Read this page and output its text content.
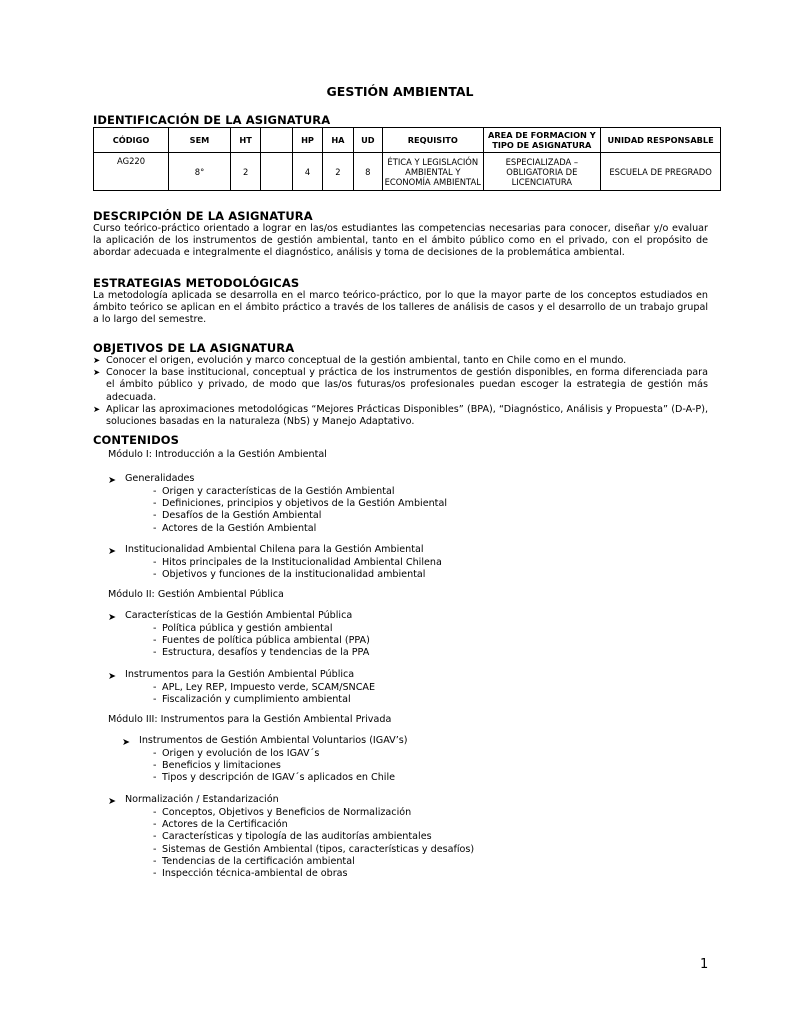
GESTIÓN AMBIENTAL
IDENTIFICACIÓN DE LA ASIGNATURA
CÓDIGO	SEM	HT		HP	HA	UD	REQUISITO	AREA DE FORMACION Y TIPO DE ASIGNATURA	UNIDAD RESPONSABLE
AG220	8°	2		4	2	8	ÉTICA Y LEGISLACIÓN AMBIENTAL Y ECONOMÍA AMBIENTAL	ESPECIALIZADA – OBLIGATORIA DE LICENCIATURA	ESCUELA DE PREGRADO
DESCRIPCIÓN DE LA ASIGNATURA
Curso teórico-práctico orientado a lograr en las/os estudiantes las competencias necesarias para conocer, diseñar y/o evaluar la aplicación de los instrumentos de gestión ambiental, tanto en el ámbito público como en el privado, con el propósito de abordar adecuada e integralmente el diagnóstico, análisis y toma de decisiones de la problemática ambiental.
ESTRATEGIAS METODOLÓGICAS
La metodología aplicada se desarrolla en el marco teórico-práctico, por lo que la mayor parte de los conceptos estudiados en ámbito teórico se aplican en el ámbito práctico a través de los talleres de análisis de casos y el desarrollo de un trabajo grupal a lo largo del semestre.
OBJETIVOS DE LA ASIGNATURA
➤ Conocer el origen, evolución y marco conceptual de la gestión ambiental, tanto en Chile como en el mundo.
➤ Conocer la base institucional, conceptual y práctica de los instrumentos de gestión disponibles, en forma diferenciada para el ámbito público y privado, de modo que las/os futuras/os profesionales puedan escoger la estrategia de gestión más adecuada.
➤ Aplicar las aproximaciones metodológicas “Mejores Prácticas Disponibles” (BPA), “Diagnóstico, Análisis y Propuesta” (D-A-P), soluciones basadas en la naturaleza (NbS) y Manejo Adaptativo.
CONTENIDOS
Módulo I: Introducción a la Gestión Ambiental
➤ Generalidades
- Origen y características de la Gestión Ambiental
- Definiciones, principios y objetivos de la Gestión Ambiental
- Desafíos de la Gestión Ambiental
- Actores de la Gestión Ambiental
➤ Institucionalidad Ambiental Chilena para la Gestión Ambiental
- Hitos principales de la Institucionalidad Ambiental Chilena
- Objetivos y funciones de la institucionalidad ambiental
Módulo II: Gestión Ambiental Pública
➤ Características de la Gestión Ambiental Pública
- Política pública y gestión ambiental
- Fuentes de política pública ambiental (PPA)
- Estructura, desafíos y tendencias de la PPA
➤ Instrumentos para la Gestión Ambiental Pública
- APL, Ley REP, Impuesto verde, SCAM/SNCAE
- Fiscalización y cumplimiento ambiental
Módulo III: Instrumentos para la Gestión Ambiental Privada
➤ Instrumentos de Gestión Ambiental Voluntarios (IGAV’s)
- Origen y evolución de los IGAV´s
- Beneficios y limitaciones
- Tipos y descripción de IGAV´s aplicados en Chile
➤ Normalización / Estandarización
- Conceptos, Objetivos y Beneficios de Normalización
- Actores de la Certificación
- Características y tipología de las auditorías ambientales
- Sistemas de Gestión Ambiental (tipos, características y desafíos)
- Tendencias de la certificación ambiental
- Inspección técnica-ambiental de obras
1
